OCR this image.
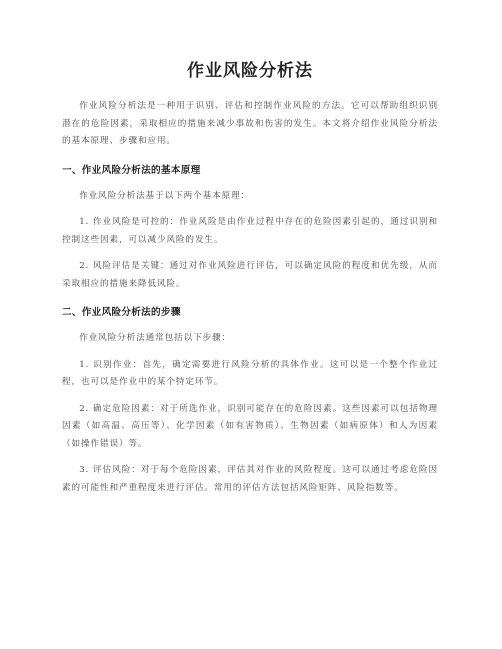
作业风险分析法

作业风险分析法是一种用于识别、评估和控制作业风险的方法。它可以帮助组织识别潜在的危险因素，采取相应的措施来减少事故和伤害的发生。本文将介绍作业风险分析法的基本原理、步骤和应用。

一、作业风险分析法的基本原理

作业风险分析法基于以下两个基本原理：

1. 作业风险是可控的：作业风险是由作业过程中存在的危险因素引起的，通过识别和控制这些因素，可以减少风险的发生。

2. 风险评估是关键：通过对作业风险进行评估，可以确定风险的程度和优先级，从而采取相应的措施来降低风险。

二、作业风险分析法的步骤

作业风险分析法通常包括以下步骤：

1. 识别作业：首先，确定需要进行风险分析的具体作业。这可以是一个整个作业过程，也可以是作业中的某个特定环节。

2. 确定危险因素：对于所选作业，识别可能存在的危险因素。这些因素可以包括物理因素（如高温、高压等）、化学因素（如有害物质）、生物因素（如病原体）和人为因素（如操作错误）等。

3. 评估风险：对于每个危险因素，评估其对作业的风险程度。这可以通过考虑危险因素的可能性和严重程度来进行评估。常用的评估方法包括风险矩阵、风险指数等。
